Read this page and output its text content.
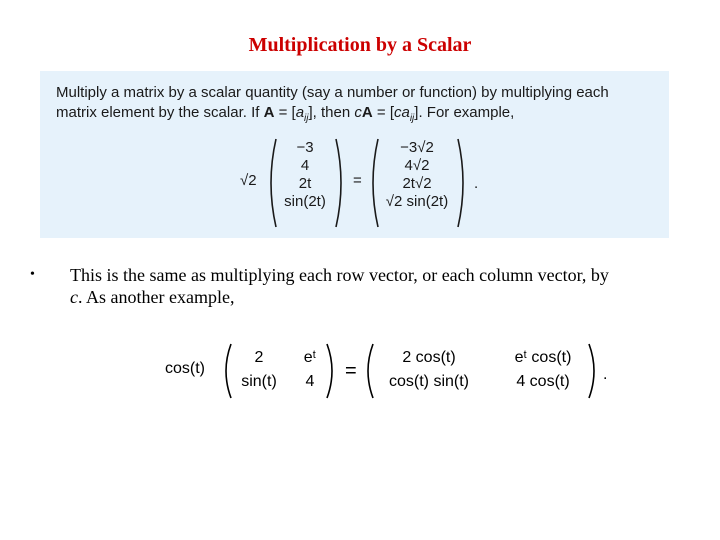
Multiplication by a Scalar
Multiply a matrix by a scalar quantity (say a number or function) by multiplying each
matrix element by the scalar. If $A = [a_{ij}]$, then cA = $[ca_{ij}]$. For example,
√2
−3
4
2t
sin(2t)
=
−3√2
4√2
2t√2
√2 sin(2t)
.
• This is the same as multiplying each row vector, or each column vector, by
c. As another example,
cos(t)
2
sin(t)
eᵗ
4	=
2 cos(t)
cos(t) sin(t)
eᵗ cos(t)
4 cos(t)	.
